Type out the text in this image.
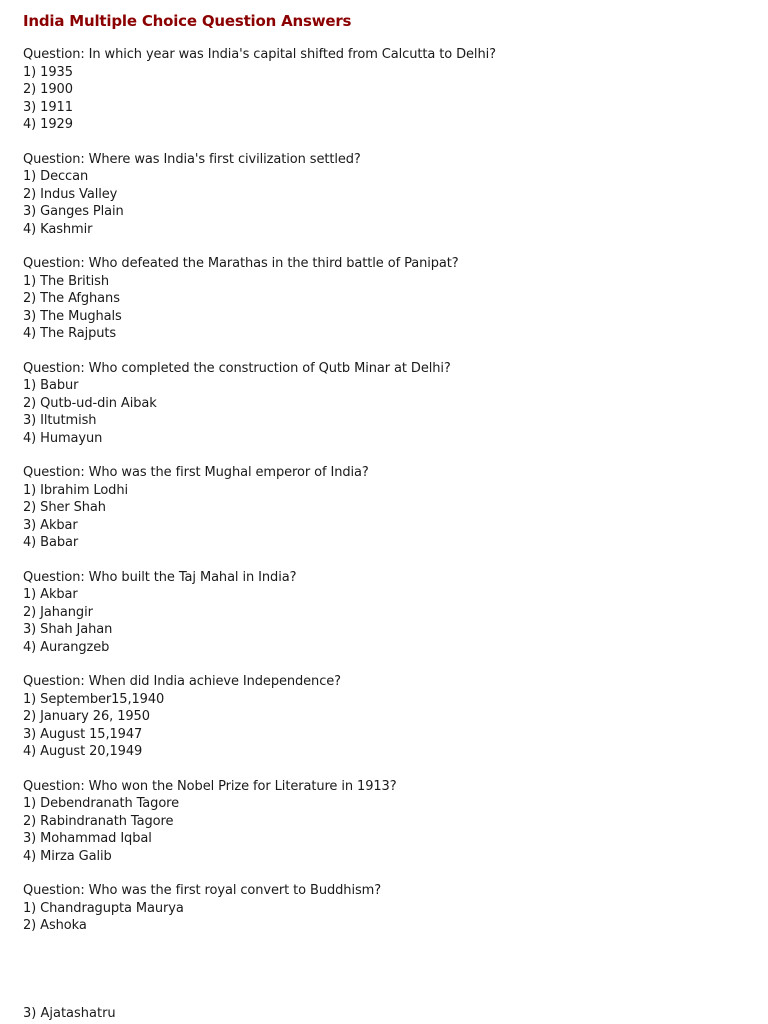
India Multiple Choice Question Answers
Question: In which year was India's capital shifted from Calcutta to Delhi?
1) 1935
2) 1900
3) 1911
4) 1929
Question: Where was India's first civilization settled?
1) Deccan
2) Indus Valley
3) Ganges Plain
4) Kashmir
Question: Who defeated the Marathas in the third battle of Panipat?
1) The British
2) The Afghans
3) The Mughals
4) The Rajputs
Question: Who completed the construction of Qutb Minar at Delhi?
1) Babur
2) Qutb-ud-din Aibak
3) Iltutmish
4) Humayun
Question: Who was the first Mughal emperor of India?
1) Ibrahim Lodhi
2) Sher Shah
3) Akbar
4) Babar
Question: Who built the Taj Mahal in India?
1) Akbar
2) Jahangir
3) Shah Jahan
4) Aurangzeb
Question: When did India achieve Independence?
1) September15,1940
2) January 26, 1950
3) August 15,1947
4) August 20,1949
Question: Who won the Nobel Prize for Literature in 1913?
1) Debendranath Tagore
2) Rabindranath Tagore
3) Mohammad Iqbal
4) Mirza Galib
Question: Who was the first royal convert to Buddhism?
1) Chandragupta Maurya
2) Ashoka
3) Ajatashatru
